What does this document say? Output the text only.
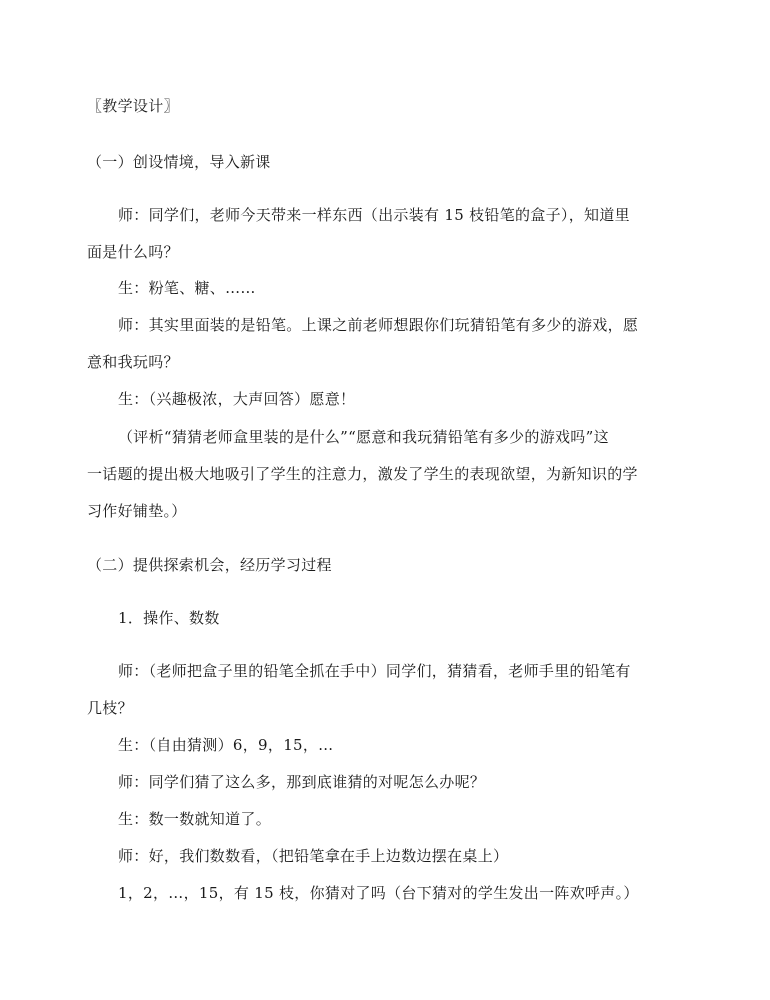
〖教学设计〗
（一）创设情境，导入新课
师：同学们，老师今天带来一样东西（出示装有 15 枝铅笔的盒子），知道里
面是什么吗？
生：粉笔、糖、……
师：其实里面装的是铅笔。上课之前老师想跟你们玩猜铅笔有多少的游戏，愿
意和我玩吗？
生：（兴趣极浓，大声回答）愿意！
（评析“猜猜老师盒里装的是什么”“愿意和我玩猜铅笔有多少的游戏吗”这
一话题的提出极大地吸引了学生的注意力，激发了学生的表现欲望，为新知识的学
习作好铺垫。）
（二）提供探索机会，经历学习过程
1．操作、数数
师：（老师把盒子里的铅笔全抓在手中）同学们，猜猜看，老师手里的铅笔有
几枝？
生：（自由猜测）6，9，15，…
师：同学们猜了这么多，那到底谁猜的对呢怎么办呢？
生：数一数就知道了。
师：好，我们数数看，（把铅笔拿在手上边数边摆在桌上）
1，2，…，15，有 15 枝，你猜对了吗（台下猜对的学生发出一阵欢呼声。）
